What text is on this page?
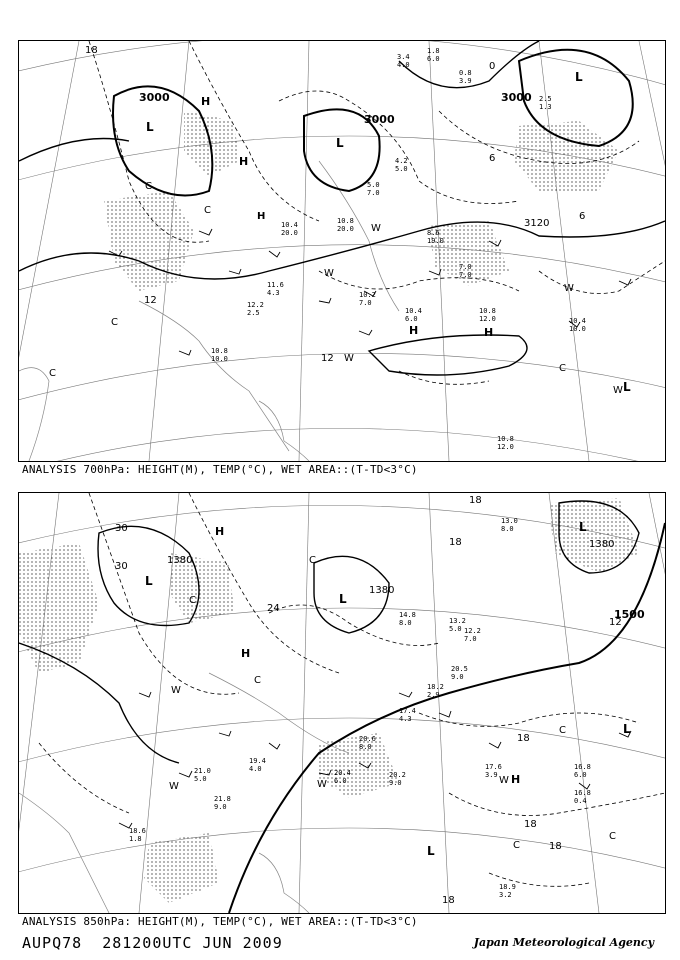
3000
3000
3000
3120
18
12
12
6
6
0
L
L
L
L
H
H
H	H
H
C
C
C
C
C
W
W
W
W
W
10.4
10.0
10.8
12.0
10.8
10.0
10.8
12.0
10.4
6.0
10.2
7.0
12.2
2.5
11.6
4.3
10.4
20.0
10.8
20.0
5.0
7.0
4.2
5.0
8.6
19.0
7.0
7.0
1.8
6.0
3.4
4.0
0.8
3.9
2.5
1.3
ANALYSIS 700hPa: HEIGHT(M), TEMP(°C), WET AREA::(T-TD<3°C)
1500
1380
1380
1380
30
30
24
18
18
18
18
18
18
12
L
L
L
L
L
H
H
H
C
C
C
C
C
C
W
W	W	W
18.6
1.8
21.8
9.0
21.0
5.0
19.4
4.0	20.4
6.0
20.2
9.0
20.6
8.0
17.4
4.3
18.2
2.9
20.5
9.0
16.8
0.4
17.6
3.9
16.8
6.0
18.9
3.2
12.2
7.0
13.2
5.0
14.8
8.0
13.0
8.0
ANALYSIS 850hPa: HEIGHT(M), TEMP(°C), WET AREA::(T-TD<3°C)
AUPQ78 281200UTC JUN 2009	Japan Meteorological Agency
